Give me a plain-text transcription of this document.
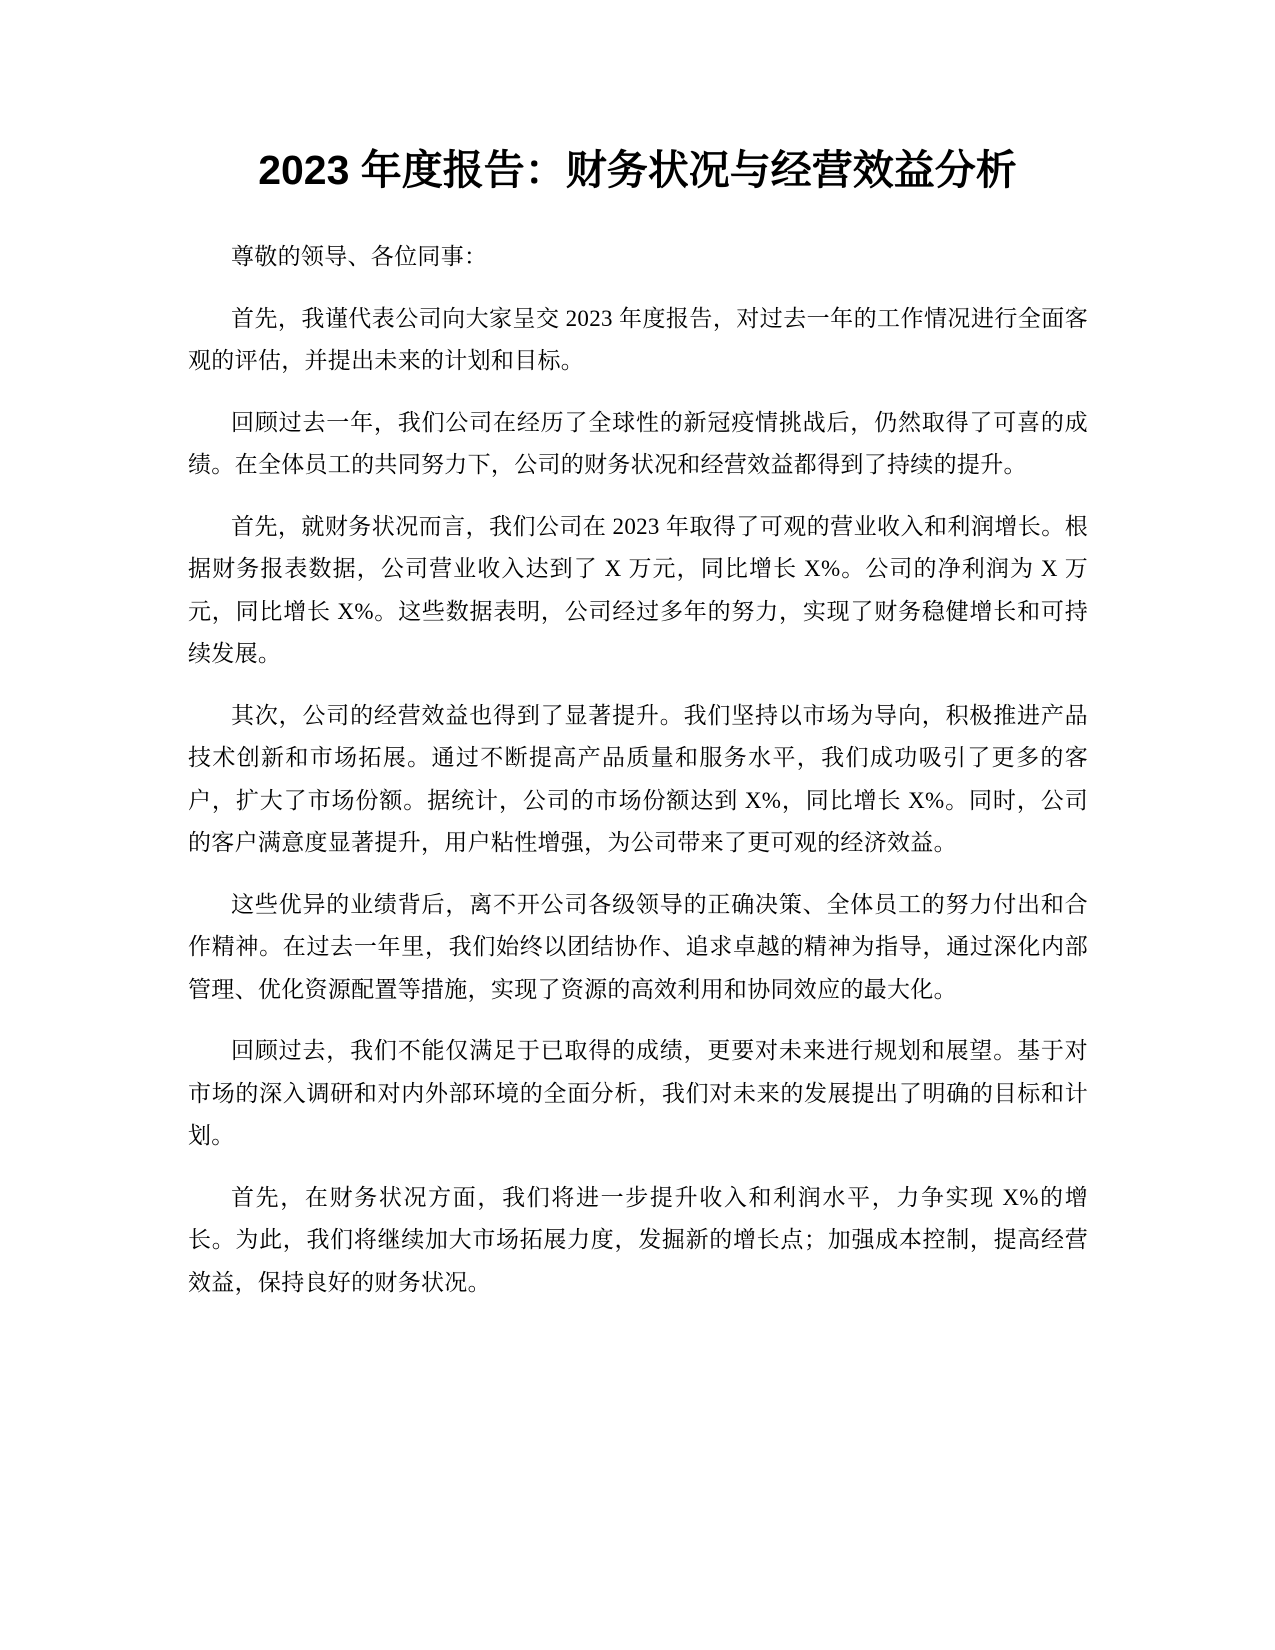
2023 年度报告：财务状况与经营效益分析

尊敬的领导、各位同事：

首先，我谨代表公司向大家呈交 2023 年度报告，对过去一年的工作情况进行全面客观的评估，并提出未来的计划和目标。

回顾过去一年，我们公司在经历了全球性的新冠疫情挑战后，仍然取得了可喜的成绩。在全体员工的共同努力下，公司的财务状况和经营效益都得到了持续的提升。

首先，就财务状况而言，我们公司在 2023 年取得了可观的营业收入和利润增长。根据财务报表数据，公司营业收入达到了 X 万元，同比增长 X%。公司的净利润为 X 万元，同比增长 X%。这些数据表明，公司经过多年的努力，实现了财务稳健增长和可持续发展。

其次，公司的经营效益也得到了显著提升。我们坚持以市场为导向，积极推进产品技术创新和市场拓展。通过不断提高产品质量和服务水平，我们成功吸引了更多的客户，扩大了市场份额。据统计，公司的市场份额达到 X%，同比增长 X%。同时，公司的客户满意度显著提升，用户粘性增强，为公司带来了更可观的经济效益。

这些优异的业绩背后，离不开公司各级领导的正确决策、全体员工的努力付出和合作精神。在过去一年里，我们始终以团结协作、追求卓越的精神为指导，通过深化内部管理、优化资源配置等措施，实现了资源的高效利用和协同效应的最大化。

回顾过去，我们不能仅满足于已取得的成绩，更要对未来进行规划和展望。基于对市场的深入调研和对内外部环境的全面分析，我们对未来的发展提出了明确的目标和计划。

首先，在财务状况方面，我们将进一步提升收入和利润水平，力争实现 X%的增长。为此，我们将继续加大市场拓展力度，发掘新的增长点；加强成本控制，提高经营效益，保持良好的财务状况。
